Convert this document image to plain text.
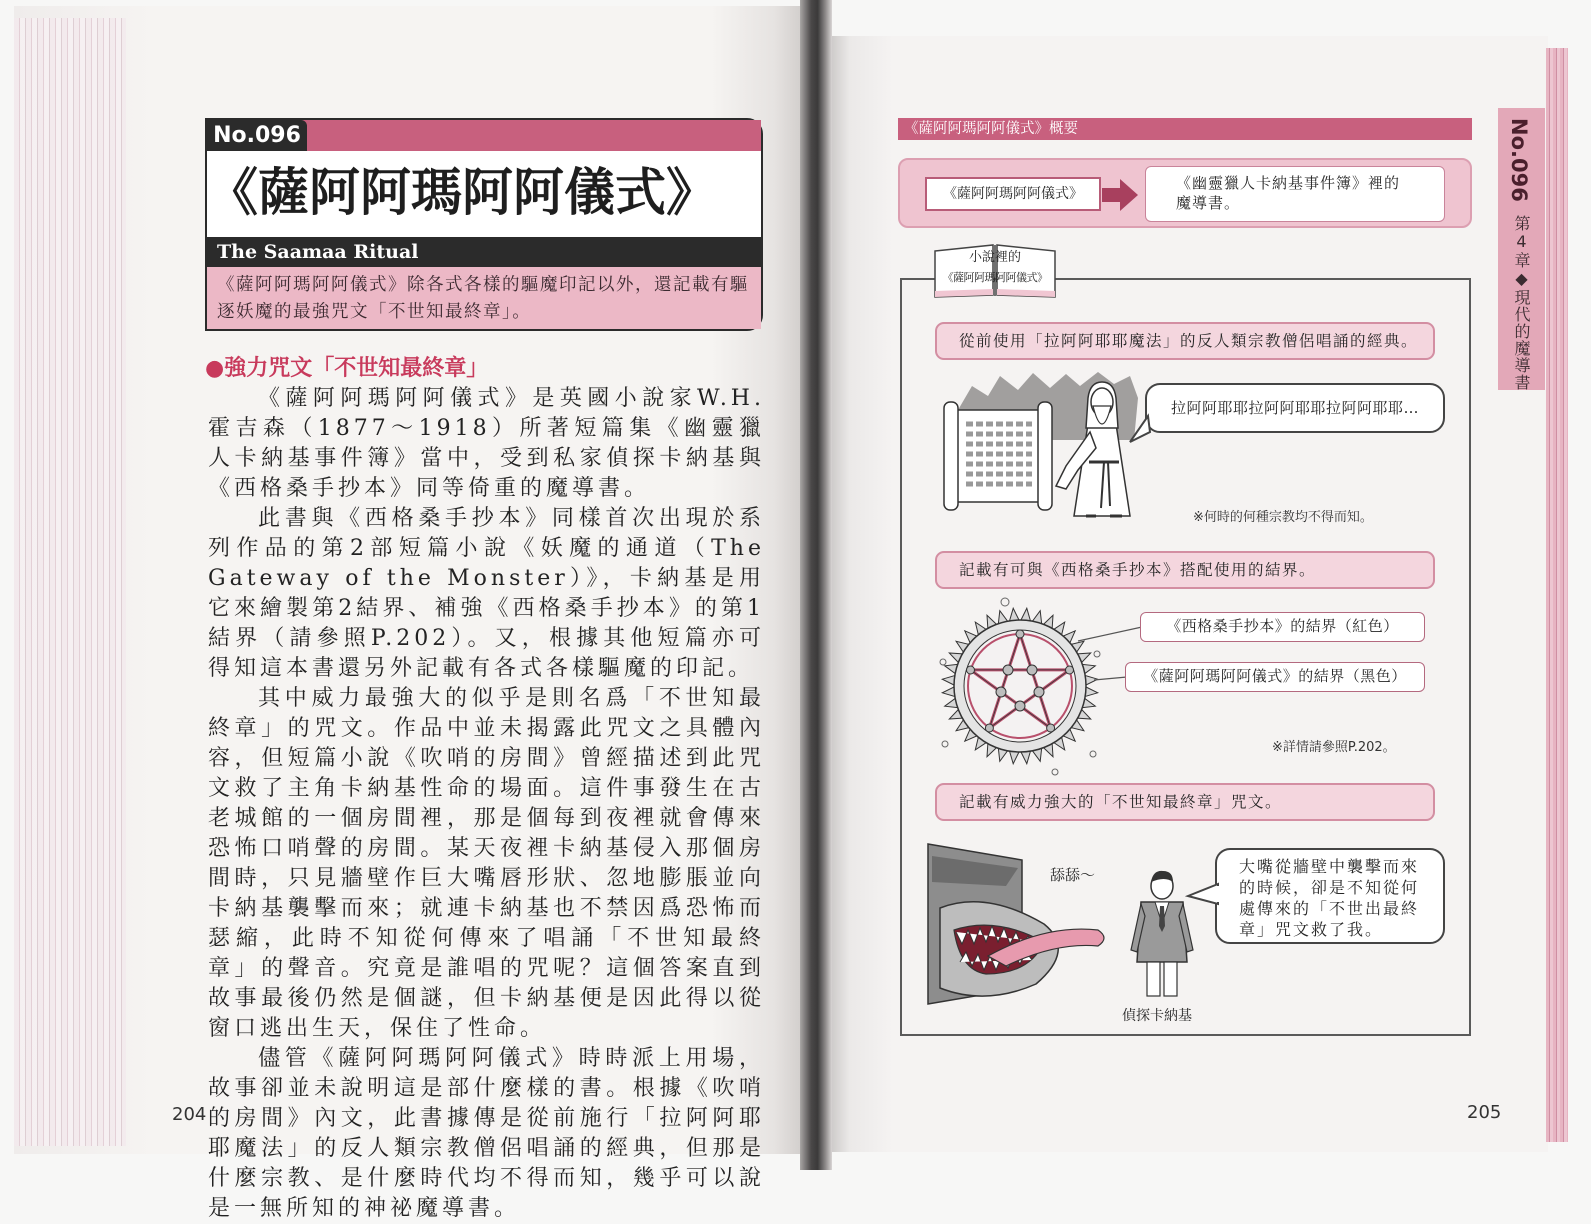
No.096
《薩阿阿瑪阿阿儀式》
The Saamaa Ritual
《薩阿阿瑪阿阿儀式》除各式各樣的驅魔印記以外，還記載有驅逐妖魔的最強咒文「不世知最終章」。
●強力咒文「不世知最終章」

《薩阿阿瑪阿阿儀式》是英國小說家W.H.霍吉森（1877～1918）所著短篇集《幽靈獵人卡納基事件簿》當中，受到私家偵探卡納基與《西格桑手抄本》同等倚重的魔導書。

此書與《西格桑手抄本》同樣首次出現於系列作品的第2部短篇小說《妖魔的通道（The Gateway of the Monster）》，卡納基是用它來繪製第2結界、補強《西格桑手抄本》的第1結界（請參照P.202）。又，根據其他短篇亦可得知這本書還另外記載有各式各樣驅魔的印記。

其中威力最強大的似乎是則名爲「不世知最終章」的咒文。作品中並未揭露此咒文之具體內容，但短篇小說《吹哨的房間》曾經描述到此咒文救了主角卡納基性命的場面。這件事發生在古老城館的一個房間裡，那是個每到夜裡就會傳來恐怖口哨聲的房間。某天夜裡卡納基侵入那個房間時，只見牆壁作巨大嘴唇形狀、忽地膨脹並向卡納基襲擊而來；就連卡納基也不禁因爲恐怖而瑟縮，此時不知從何傳來了唱誦「不世知最終章」的聲音。究竟是誰唱的咒呢？這個答案直到故事最後仍然是個謎，但卡納基便是因此得以從窗口逃出生天，保住了性命。

儘管《薩阿阿瑪阿阿儀式》時時派上用場，故事卻並未說明這是部什麼樣的書。根據《吹哨的房間》內文，此書據傳是從前施行「拉阿阿耶耶魔法」的反人類宗教僧侶唱誦的經典，但那是什麼宗教、是什麼時代均不得而知，幾乎可以說是一無所知的神祕魔導書。

204
《薩阿阿瑪阿阿儀式》概要
《薩阿阿瑪阿阿儀式》
《幽靈獵人卡納基事件簿》裡的魔導書。
小說裡的
《薩阿阿瑪阿阿儀式》
從前使用「拉阿阿耶耶魔法」的反人類宗教僧侶唱誦的經典。
拉阿阿耶耶拉阿阿耶耶拉阿阿耶耶…
※何時的何種宗教均不得而知。
記載有可與《西格桑手抄本》搭配使用的結界。
《西格桑手抄本》的結界（紅色）
《薩阿阿瑪阿阿儀式》的結界（黑色）
※詳情請參照P.202。
記載有威力強大的「不世知最終章」咒文。
舔舔～
偵探卡納基
大嘴從牆壁中襲擊而來的時候，卻是不知從何處傳來的「不世出最終章」咒文救了我。
205
No.096
第4章◆現代的魔導書
